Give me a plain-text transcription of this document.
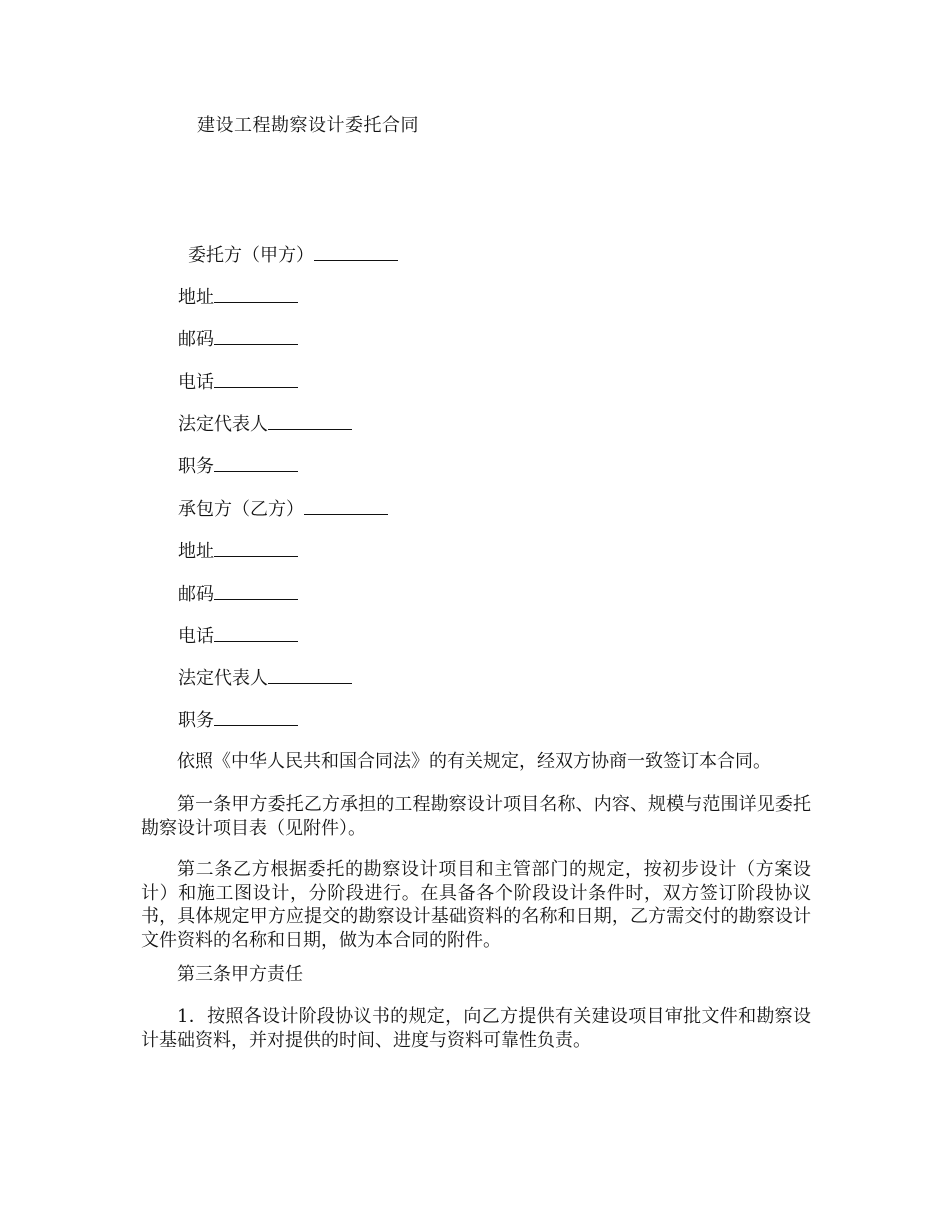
建设工程勘察设计委托合同
委托方（甲方）
地址
邮码
电话
法定代表人
职务
承包方（乙方）
地址
邮码
电话
法定代表人
职务
依照《中华人民共和国合同法》的有关规定，经双方协商一致签订本合同。
第一条甲方委托乙方承担的工程勘察设计项目名称、内容、规模与范围详见委托勘察设计项目表（见附件）。
第二条乙方根据委托的勘察设计项目和主管部门的规定，按初步设计（方案设计）和施工图设计，分阶段进行。在具备各个阶段设计条件时，双方签订阶段协议书，具体规定甲方应提交的勘察设计基础资料的名称和日期，乙方需交付的勘察设计文件资料的名称和日期，做为本合同的附件。
第三条甲方责任
1．按照各设计阶段协议书的规定，向乙方提供有关建设项目审批文件和勘察设计基础资料，并对提供的时间、进度与资料可靠性负责。
